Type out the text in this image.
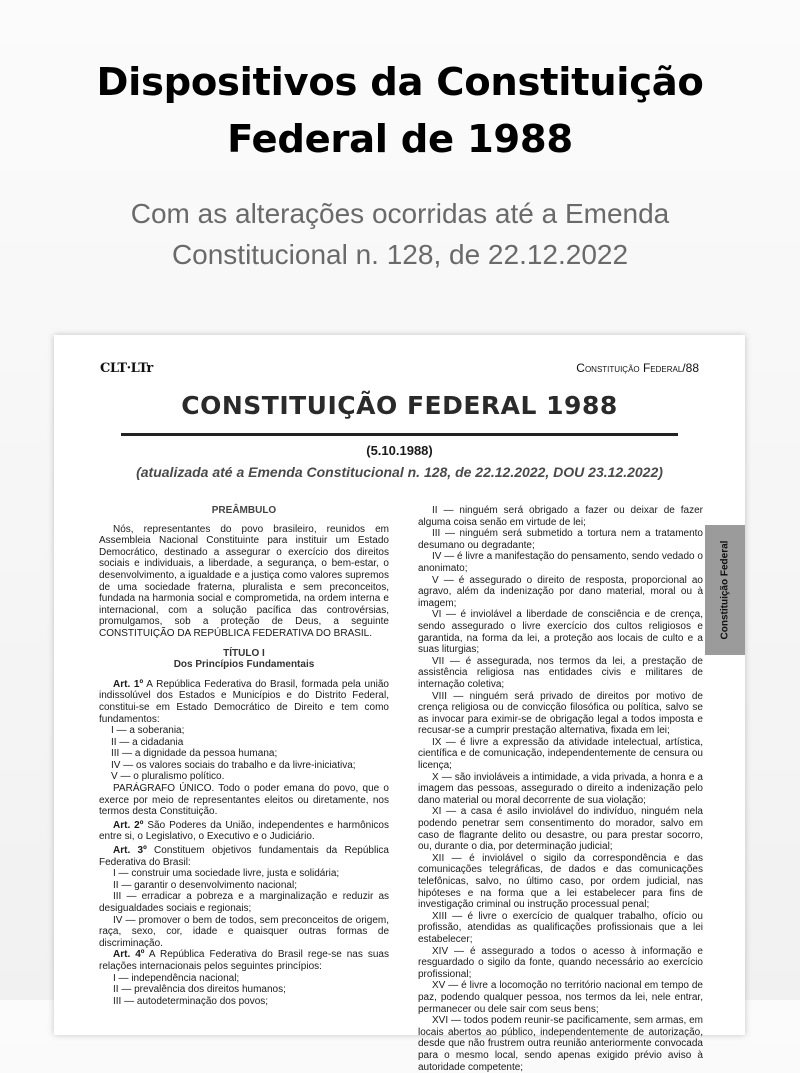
Dispositivos da Constituição
Federal de 1988
Com as alterações ocorridas até a Emenda
Constitucional n. 128, de 22.12.2022
CLT·LTr	Constituição Federal/88
CONSTITUIÇÃO FEDERAL 1988
(5.10.1988)
(atualizada até a Emenda Constitucional n. 128, de 22.12.2022, DOU 23.12.2022)

PREÂMBULO

Nós, representantes do povo brasileiro, reunidos em Assembleia Nacional Constituinte para instituir um Estado Democrático, destinado a assegurar o exercício dos direitos sociais e individuais, a liberdade, a segurança, o bem-estar, o desenvolvimento, a igualdade e a justiça como valores supremos de uma sociedade fraterna, pluralista e sem preconceitos, fundada na harmonia social e comprometida, na ordem interna e internacional, com a solução pacífica das controvérsias, promulgamos, sob a proteção de Deus, a seguinte CONSTITUIÇÃO DA REPÚBLICA FEDERATIVA DO BRASIL.

TÍTULO I

Dos Princípios Fundamentais

Art. 1º A República Federativa do Brasil, formada pela união indissolúvel dos Estados e Municípios e do Distrito Federal, constitui-se em Estado Democrático de Direito e tem como fundamentos:

I — a soberania;

II — a cidadania

III — a dignidade da pessoa humana;

IV — os valores sociais do trabalho e da livre-iniciativa;

V — o pluralismo político.

PARÁGRAFO ÚNICO. Todo o poder emana do povo, que o exerce por meio de representantes eleitos ou diretamente, nos termos desta Constituição.

Art. 2º São Poderes da União, independentes e harmônicos entre si, o Legislativo, o Executivo e o Judiciário.

Art. 3º Constituem objetivos fundamentais da República Federativa do Brasil:

I — construir uma sociedade livre, justa e solidária;

II — garantir o desenvolvimento nacional;

III — erradicar a pobreza e a marginalização e reduzir as desigualdades sociais e regionais;

IV — promover o bem de todos, sem preconceitos de origem, raça, sexo, cor, idade e quaisquer outras formas de discriminação.

Art. 4º A República Federativa do Brasil rege-se nas suas relações internacionais pelos seguintes princípios:

I — independência nacional;

II — prevalência dos direitos humanos;

III — autodeterminação dos povos;

II — ninguém será obrigado a fazer ou deixar de fazer alguma coisa senão em virtude de lei;

III — ninguém será submetido a tortura nem a tratamento desumano ou degradante;

IV — é livre a manifestação do pensamento, sendo vedado o anonimato;

V — é assegurado o direito de resposta, proporcional ao agravo, além da indenização por dano material, moral ou à imagem;

VI — é inviolável a liberdade de consciência e de crença, sendo assegurado o livre exercício dos cultos religiosos e garantida, na forma da lei, a proteção aos locais de culto e a suas liturgias;

VII — é assegurada, nos termos da lei, a prestação de assistência religiosa nas entidades civis e militares de internação coletiva;

VIII — ninguém será privado de direitos por motivo de crença religiosa ou de convicção filosófica ou política, salvo se as invocar para eximir-se de obrigação legal a todos imposta e recusar-se a cumprir prestação alternativa, fixada em lei;

IX — é livre a expressão da atividade intelectual, artística, científica e de comunicação, independentemente de censura ou licença;

X — são invioláveis a intimidade, a vida privada, a honra e a imagem das pessoas, assegurado o direito a indenização pelo dano material ou moral decorrente de sua violação;

XI — a casa é asilo inviolável do indivíduo, ninguém nela podendo penetrar sem consentimento do morador, salvo em caso de flagrante delito ou desastre, ou para prestar socorro, ou, durante o dia, por determinação judicial;

XII — é inviolável o sigilo da correspondência e das comunicações telegráficas, de dados e das comunicações telefônicas, salvo, no último caso, por ordem judicial, nas hipóteses e na forma que a lei estabelecer para fins de investigação criminal ou instrução processual penal;

XIII — é livre o exercício de qualquer trabalho, ofício ou profissão, atendidas as qualificações profissionais que a lei estabelecer;

XIV — é assegurado a todos o acesso à informação e resguardado o sigilo da fonte, quando necessário ao exercício profissional;

XV — é livre a locomoção no território nacional em tempo de paz, podendo qualquer pessoa, nos termos da lei, nele entrar, permanecer ou dele sair com seus bens;

XVI — todos podem reunir-se pacificamente, sem armas, em locais abertos ao público, independentemente de autorização, desde que não frustrem outra reunião anteriormente convocada para o mesmo local, sendo apenas exigido prévio aviso à autoridade competente;

Constituição Federal
